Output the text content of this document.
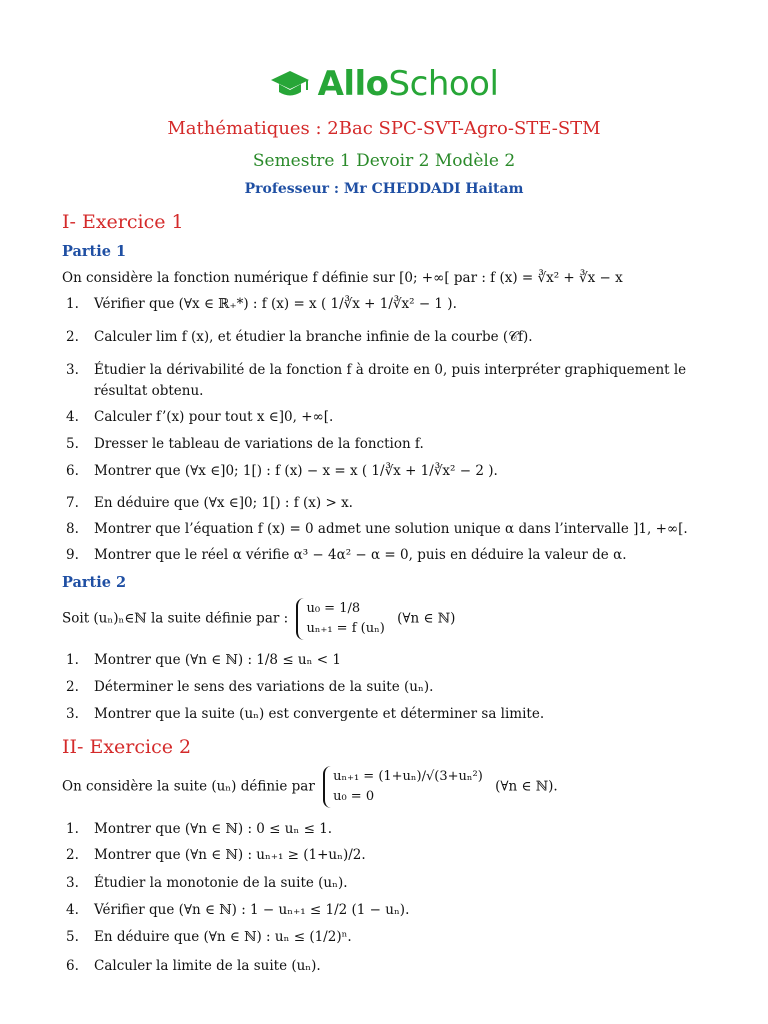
AlloSchool
Mathématiques : 2Bac SPC-SVT-Agro-STE-STM
Semestre 1 Devoir 2 Modèle 2
Professeur : Mr CHEDDADI Haitam
I- Exercice 1
Partie 1
On considère la fonction numérique f définie sur [0; +∞[ par : f (x) = ∛x² + ∛x − x
1. Vérifier que (∀x ∈ ℝ₊*) : f (x) = x ( 1/∛x + 1/∛x² − 1 ).
2. Calculer lim f (x), et étudier la branche infinie de la courbe (𝒞f).
3. Étudier la dérivabilité de la fonction f à droite en 0, puis interpréter graphiquement le résultat obtenu.
4. Calculer f’(x) pour tout x ∈]0, +∞[.
5. Dresser le tableau de variations de la fonction f.
6. Montrer que (∀x ∈]0; 1[) : f (x) − x = x ( 1/∛x + 1/∛x² − 2 ).
7. En déduire que (∀x ∈]0; 1[) : f (x) > x.
8. Montrer que l’équation f (x) = 0 admet une solution unique α dans l’intervalle ]1, +∞[.
9. Montrer que le réel α vérifie α³ − 4α² − α = 0, puis en déduire la valeur de α.
Partie 2
Soit (uₙ)ₙ∈ℕ la suite définie par :
u₀ = 1/8
uₙ₊₁ = f (uₙ)
(∀n ∈ ℕ)
1. Montrer que (∀n ∈ ℕ) : 1/8 ≤ uₙ < 1
2. Déterminer le sens des variations de la suite (uₙ).
3. Montrer que la suite (uₙ) est convergente et déterminer sa limite.
II- Exercice 2
On considère la suite (uₙ) définie par
uₙ₊₁ = (1+uₙ)/√(3+uₙ²)
u₀ = 0
(∀n ∈ ℕ).
1. Montrer que (∀n ∈ ℕ) : 0 ≤ uₙ ≤ 1.
2. Montrer que (∀n ∈ ℕ) : uₙ₊₁ ≥ (1+uₙ)/2.
3. Étudier la monotonie de la suite (uₙ).
4. Vérifier que (∀n ∈ ℕ) : 1 − uₙ₊₁ ≤ 1/2 (1 − uₙ).
5. En déduire que (∀n ∈ ℕ) : uₙ ≤ (1/2)ⁿ.
6. Calculer la limite de la suite (uₙ).
